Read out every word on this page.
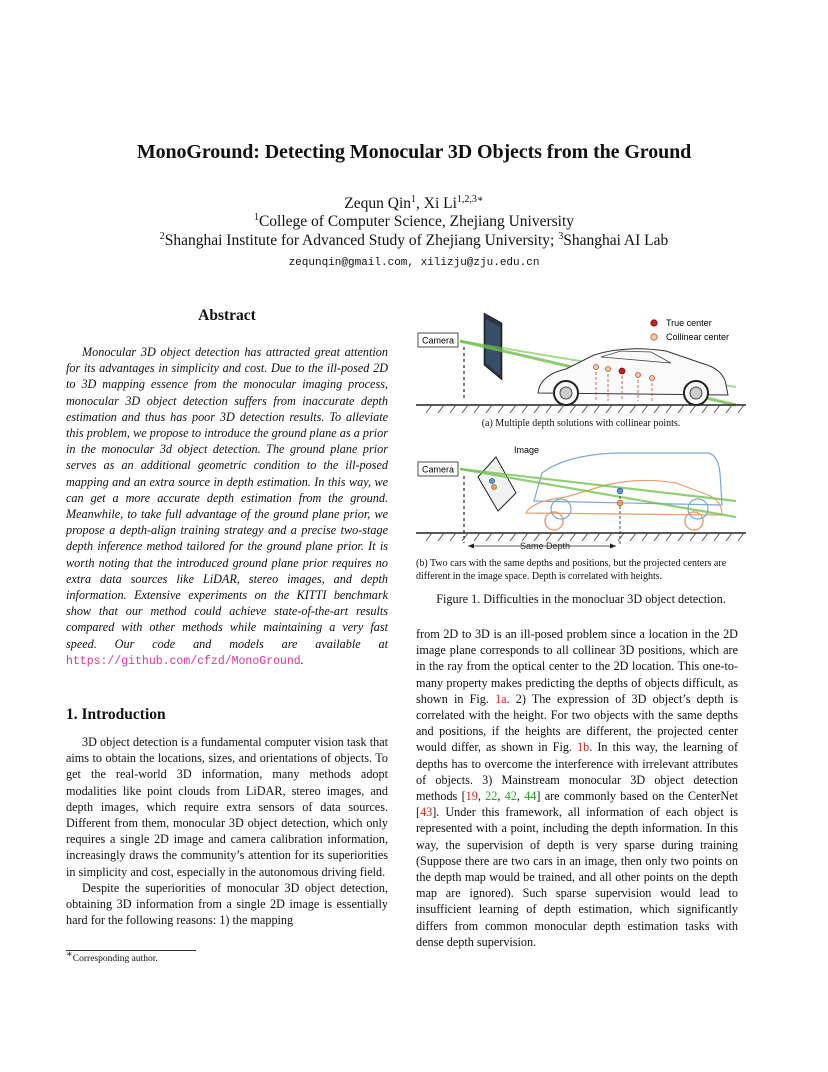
MonoGround: Detecting Monocular 3D Objects from the Ground
Zequn Qin$^1$, Xi $Li^{1,2,3∗}$
$^1$College of Computer Science, Zhejiang University
$^2$Shanghai Institute for Advanced Study of Zhejiang University; $^3$Shanghai AI Lab
zequnqin@gmail.com, xilizju@zju.edu.cn
Abstract
Monocular 3D object detection has attracted great attention for its advantages in simplicity and cost. Due to the ill-posed 2D to 3D mapping essence from the monocular imaging process, monocular 3D object detection suffers from inaccurate depth estimation and thus has poor 3D detection results. To alleviate this problem, we propose to introduce the ground plane as a prior in the monocular 3d object detection. The ground plane prior serves as an additional geometric condition to the ill-posed mapping and an extra source in depth estimation. In this way, we can get a more accurate depth estimation from the ground. Meanwhile, to take full advantage of the ground plane prior, we propose a depth-align training strategy and a precise two-stage depth inference method tailored for the ground plane prior. It is worth noting that the introduced ground plane prior requires no extra data sources like LiDAR, stereo images, and depth information. Extensive experiments on the KITTI benchmark show that our method could achieve state-of-the-art results compared with other methods while maintaining a very fast speed. Our code and models are available at https://github.com/cfzd/MonoGround.
1. Introduction

3D object detection is a fundamental computer vision task that aims to obtain the locations, sizes, and orientations of objects. To get the real-world 3D information, many methods adopt modalities like point clouds from LiDAR, stereo images, and depth images, which require extra sensors of data sources. Different from them, monocular 3D object detection, which only requires a single 2D image and camera calibration information, increasingly draws the community’s attention for its superiorities in simplicity and cost, especially in the autonomous driving field.

Despite the superiorities of monocular 3D object detection, obtaining 3D information from a single 2D image is essentially hard for the following reasons: 1) the mapping

∗Corresponding author.
Camera
True center
Collinear center
Camera
Image
Same Depth
(a) Multiple depth solutions with collinear points.
(b) Two cars with the same depths and positions, but the projected centers are different in the image space. Depth is correlated with heights.
Figure 1. Difficulties in the monocluar 3D object detection.
from 2D to 3D is an ill-posed problem since a location in the 2D image plane corresponds to all collinear 3D positions, which are in the ray from the optical center to the 2D location. This one-to-many property makes predicting the depths of objects difficult, as shown in Fig. 1a. 2) The expression of 3D object’s depth is correlated with the height. For two objects with the same depths and positions, if the heights are different, the projected center would differ, as shown in Fig. 1b. In this way, the learning of depths has to overcome the interference with irrelevant attributes of objects. 3) Mainstream monocular 3D object detection methods [19, 22, 42, 44] are commonly based on the CenterNet [43]. Under this framework, all information of each object is represented with a point, including the depth information. In this way, the supervision of depth is very sparse during training (Suppose there are two cars in an image, then only two points on the depth map would be trained, and all other points on the depth map are ignored). Such sparse supervision would lead to insufficient learning of depth estimation, which significantly differs from common monocular depth estimation tasks with dense depth supervision.
